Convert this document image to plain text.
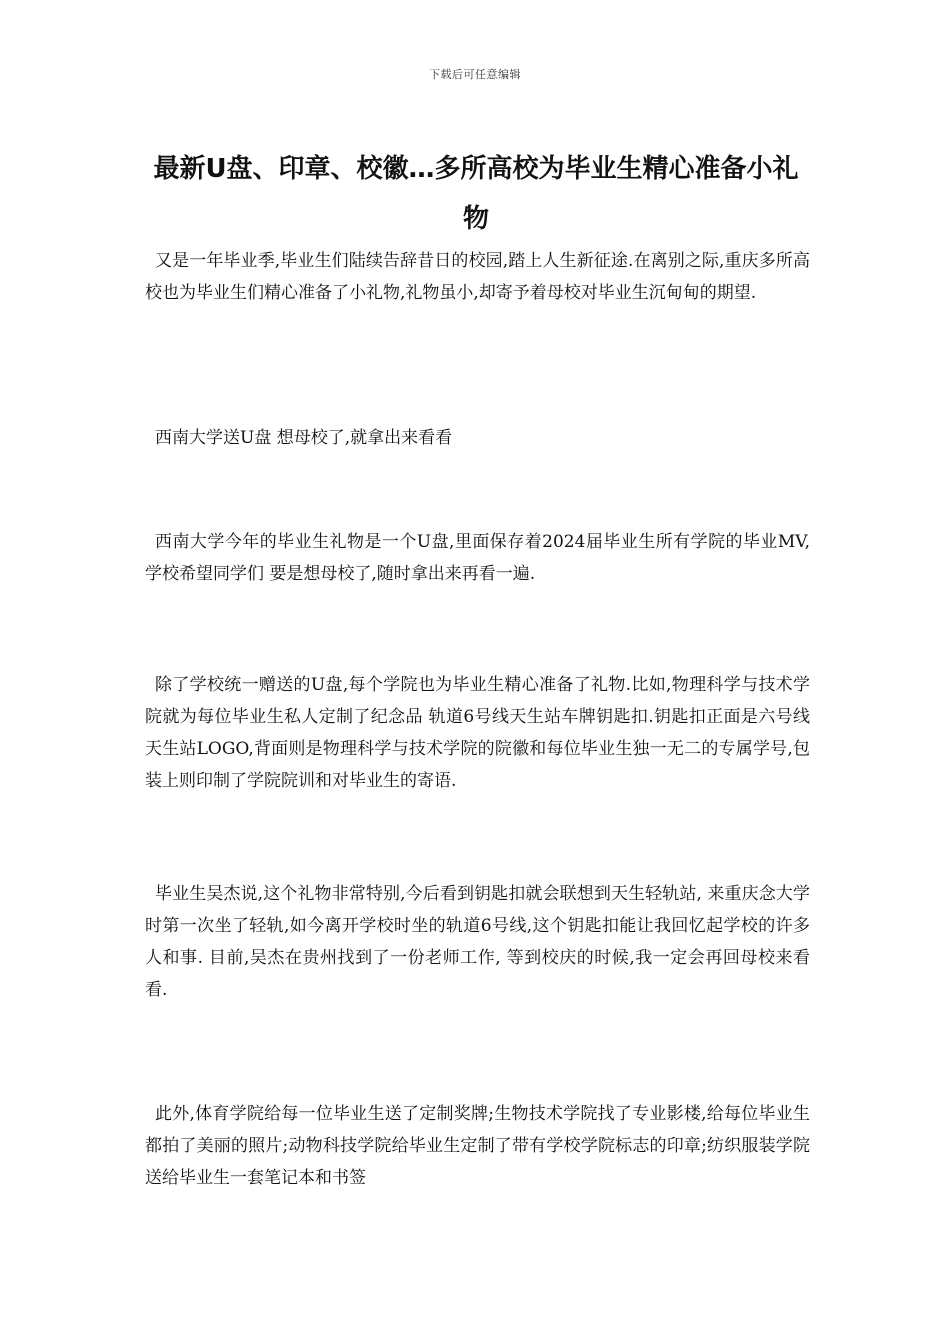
下载后可任意编辑
最新U盘、印章、校徽…多所高校为毕业生精心准备小礼物

又是一年毕业季,毕业生们陆续告辞昔日的校园,踏上人生新征途.在离别之际,重庆多所高校也为毕业生们精心准备了小礼物,礼物虽小,却寄予着母校对毕业生沉甸甸的期望.

西南大学送U盘 想母校了,就拿出来看看

西南大学今年的毕业生礼物是一个U盘,里面保存着2024届毕业生所有学院的毕业MV,学校希望同学们 要是想母校了,随时拿出来再看一遍.

除了学校统一赠送的U盘,每个学院也为毕业生精心准备了礼物.比如,物理科学与技术学院就为每位毕业生私人定制了纪念品 轨道6号线天生站车牌钥匙扣.钥匙扣正面是六号线天生站LOGO,背面则是物理科学与技术学院的院徽和每位毕业生独一无二的专属学号,包装上则印制了学院院训和对毕业生的寄语.

毕业生吴杰说,这个礼物非常特别,今后看到钥匙扣就会联想到天生轻轨站, 来重庆念大学时第一次坐了轻轨,如今离开学校时坐的轨道6号线,这个钥匙扣能让我回忆起学校的许多人和事. 目前,吴杰在贵州找到了一份老师工作, 等到校庆的时候,我一定会再回母校来看看.

此外,体育学院给每一位毕业生送了定制奖牌;生物技术学院找了专业影楼,给每位毕业生都拍了美丽的照片;动物科技学院给毕业生定制了带有学校学院标志的印章;纺织服装学院送给毕业生一套笔记本和书签
